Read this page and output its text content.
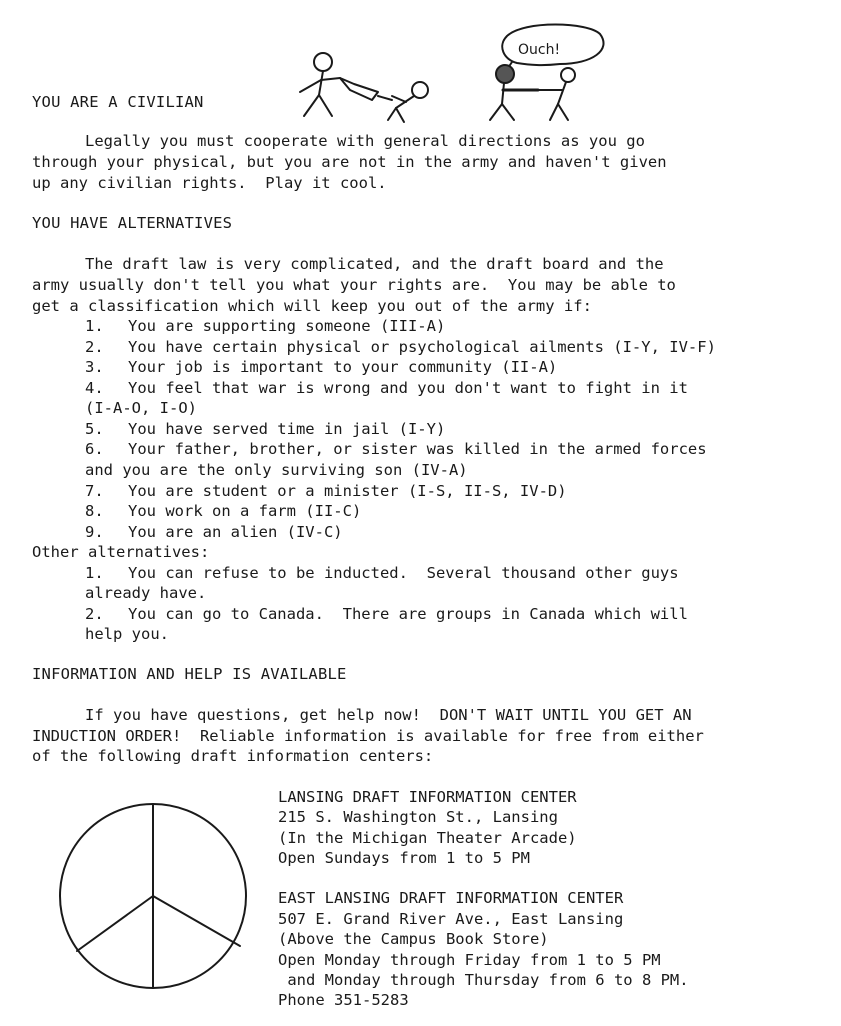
Ouch!
YOU ARE A CIVILIAN
Legally you must cooperate with general directions as you go
through your physical, but you are not in the army and haven't given
up any civilian rights.  Play it cool.
YOU HAVE ALTERNATIVES
The draft law is very complicated, and the draft board and the
army usually don't tell you what your rights are.  You may be able to
get a classification which will keep you out of the army if:
1. You are supporting someone (III-A)
2. You have certain physical or psychological ailments (I-Y, IV-F)
3. Your job is important to your community (II-A)
4. You feel that war is wrong and you don't want to fight in it
(I-A-O, I-O)
5. You have served time in jail (I-Y)
6. Your father, brother, or sister was killed in the armed forces
and you are the only surviving son (IV-A)
7. You are student or a minister (I-S, II-S, IV-D)
8. You work on a farm (II-C)
9. You are an alien (IV-C)
Other alternatives:
1. You can refuse to be inducted.  Several thousand other guys
already have.
2. You can go to Canada.  There are groups in Canada which will
help you.
INFORMATION AND HELP IS AVAILABLE
If you have questions, get help now!  DON'T WAIT UNTIL YOU GET AN
INDUCTION ORDER!  Reliable information is available for free from either
of the following draft information centers:
LANSING DRAFT INFORMATION CENTER
215 S. Washington St., Lansing
(In the Michigan Theater Arcade)
Open Sundays from 1 to 5 PM
EAST LANSING DRAFT INFORMATION CENTER
507 E. Grand River Ave., East Lansing
(Above the Campus Book Store)
Open Monday through Friday from 1 to 5 PM
and Monday through Thursday from 6 to 8 PM.
Phone 351-5283
